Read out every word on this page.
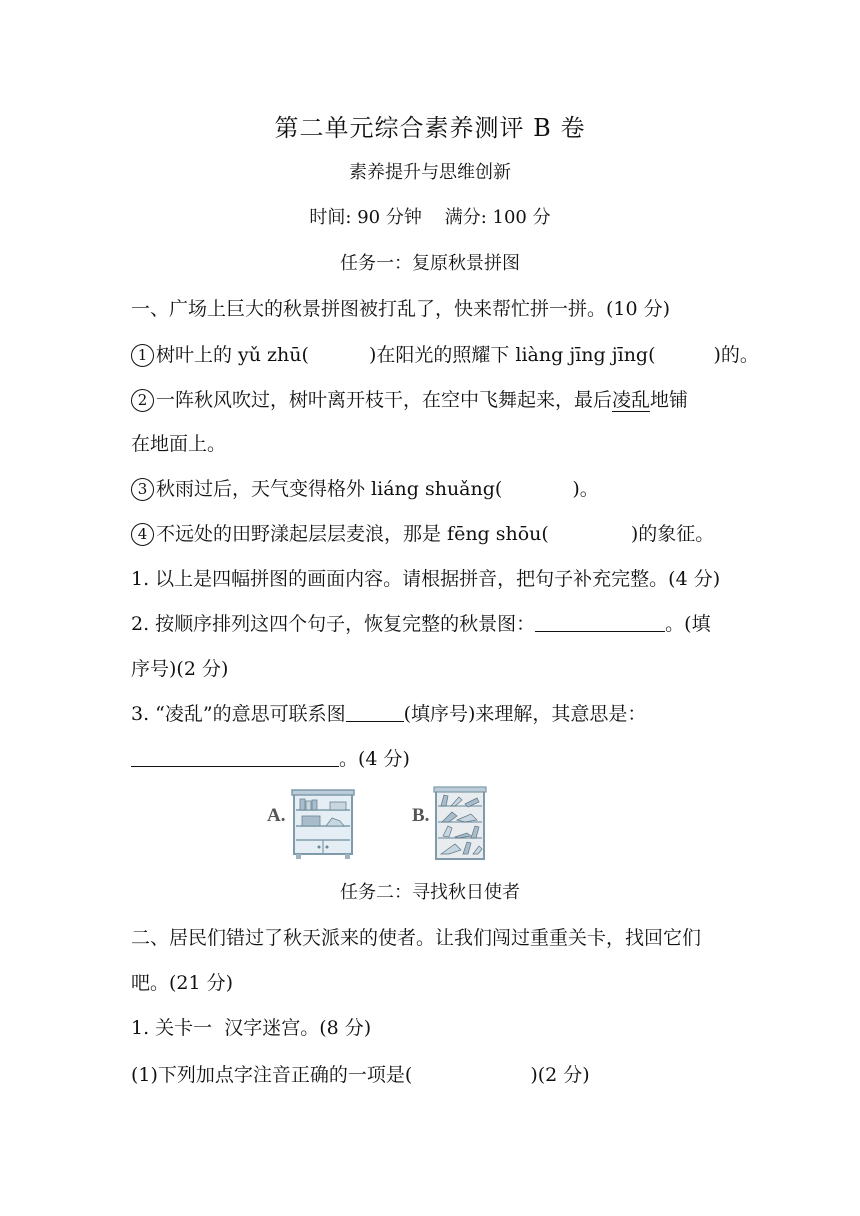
第二单元综合素养测评 B 卷
素养提升与思维创新
时间: 90 分钟    满分: 100 分
任务一：复原秋景拼图
一、广场上巨大的秋景拼图被打乱了，快来帮忙拼一拼。(10 分)
1 树叶上的 yǔ zhū(	)在阳光的照耀下 liàng jīng jīng(	)的。
2 一阵秋风吹过，树叶离开枝干，在空中飞舞起来，最后凌乱地铺
在地面上。
3 秋雨过后，天气变得格外 liáng shuǎng(	)。
4 不远处的田野漾起层层麦浪，那是 fēng shōu(	)的象征。
1. 以上是四幅拼图的画面内容。请根据拼音，把句子补充完整。(4 分)
2. 按顺序排列这四个句子，恢复完整的秋景图：	。(填
序号)(2 分)
3. “凌乱”的意思可联系图	(填序号)来理解，其意思是：
。(4 分)
A.	B.
任务二：寻找秋日使者
二、居民们错过了秋天派来的使者。让我们闯过重重关卡，找回它们
吧。(21 分)
1. 关卡一  汉字迷宫。(8 分)
(1)下列加点字注音正确的一项是(	)(2 分)
